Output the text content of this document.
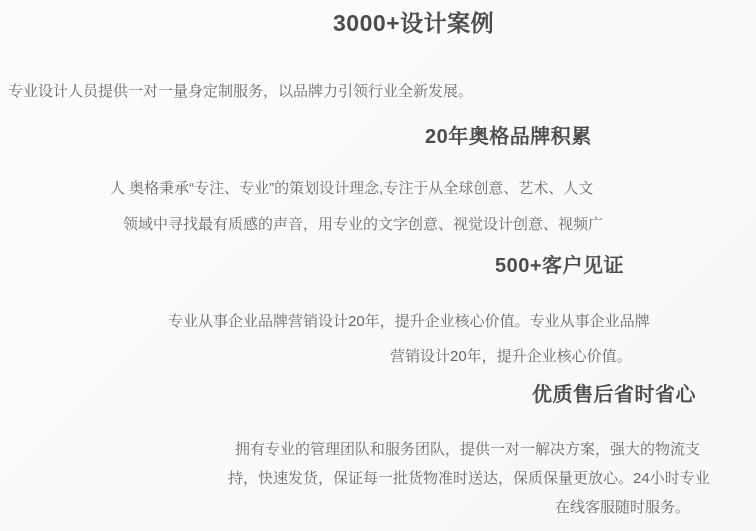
3000+设计案例
专业设计人员提供一对一量身定制服务，以品牌力引领行业全新发展。
20年奥格品牌积累
人 奥格秉承“专注、专业”的策划设计理念,专注于从全球创意、艺术、人文
领域中寻找最有质感的声音，用专业的文字创意、视觉设计创意、视频广
500+客户见证
专业从事企业品牌营销设计20年，提升企业核心价值。专业从事企业品牌
营销设计20年，提升企业核心价值。
优质售后省时省心
拥有专业的管理团队和服务团队，提供一对一解决方案，强大的物流支
持，快速发货，保证每一批货物准时送达，保质保量更放心。24小时专业
在线客服随时服务。
